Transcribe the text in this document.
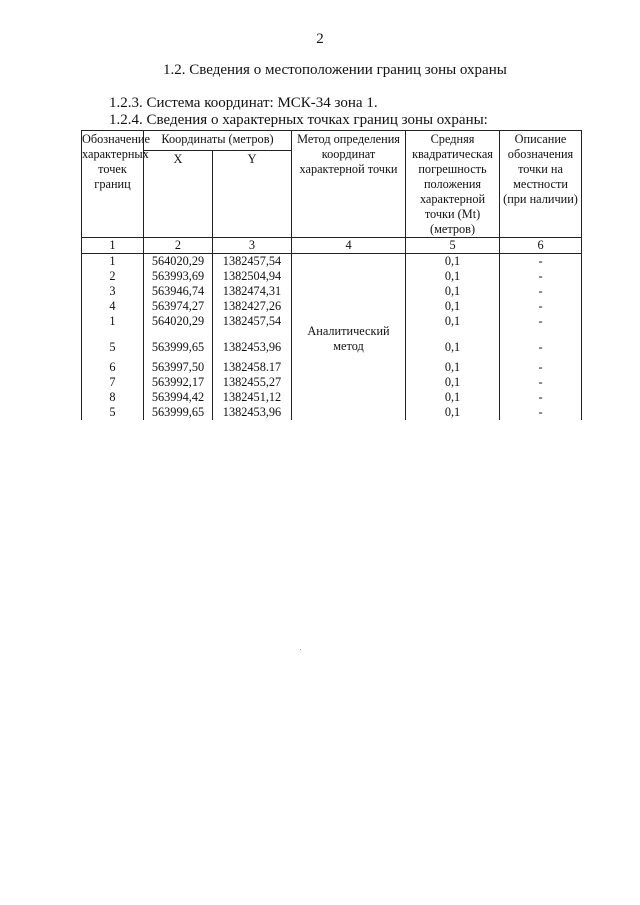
2
1.2. Сведения о местоположении границ зоны охраны
1.2.3. Система координат: МСК-34 зона 1.
1.2.4. Сведения о характерных точках границ зоны охраны:
Обозначение характерных точек границ	Координаты (метров)		Метод определения координат характерной точки	Средняя квадратическая погрешность положения характерной точки (Mt) (метров)	Описание обозначения точки на местности (при наличии)
	X	Y			
1	2	3	4	5	6
1	564020,29	1382457,54	Аналитический метод	0,1	-
2	563993,69	1382504,94		0,1	-
3	563946,74	1382474,31		0,1	-
4	563974,27	1382427,26		0,1	-
1	564020,29	1382457,54		0,1	-
5	563999,65	1382453,96		0,1	-
6	563997,50	1382458.17		0,1	-
7	563992,17	1382455,27		0,1	-
8	563994,42	1382451,12		0,1	-
5	563999,65	1382453,96		0,1	-
